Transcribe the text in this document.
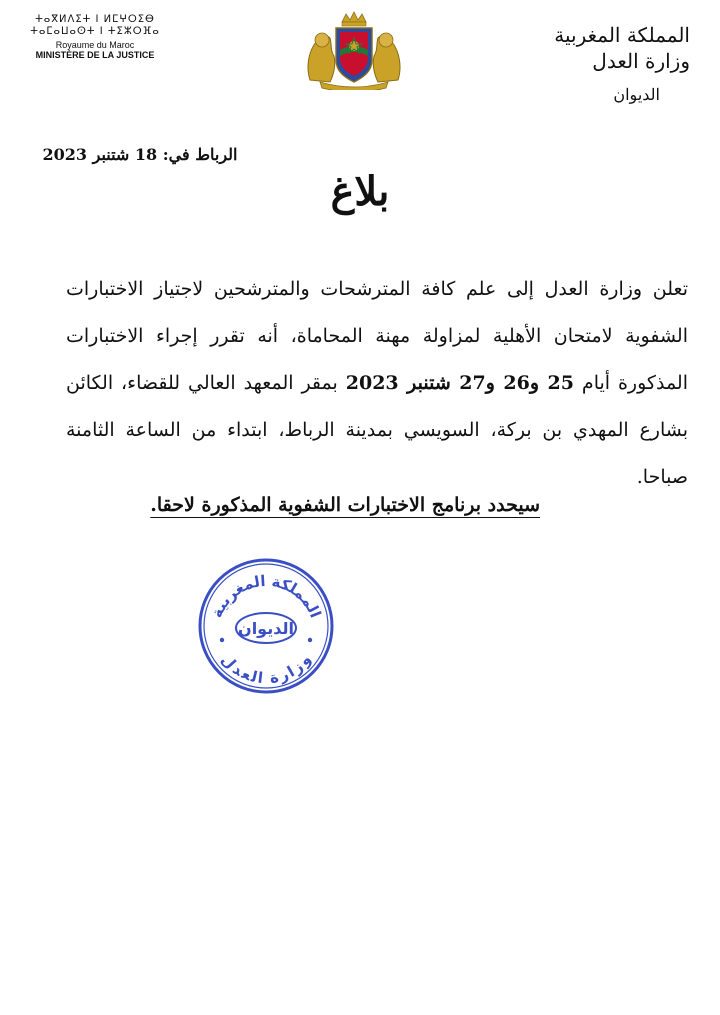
ⵜⴰⴳⵍⴷⵉⵜ ⵏ ⵍⵎⵖⵔⵉⴱ
ⵜⴰⵎⴰⵡⴰⵙⵜ ⵏ ⵜⵉⵣⵔⴼⴰ
Royaume du Maroc
MINISTÈRE DE LA JUSTICE
المملكة المغربية
وزارة العدل
الديوان
الرباط في: 18 شتنبر 2023
بلاغ
تعلن وزارة العدل إلى علم كافة المترشحات والمترشحين لاجتياز الاختبارات الشفوية لامتحان الأهلية لمزاولة مهنة المحاماة، أنه تقرر إجراء الاختبارات المذكورة أيام 25 و26 و27 شتنبر 2023 بمقر المعهد العالي للقضاء، الكائن بشارع المهدي بن بركة، السويسي بمدينة الرباط، ابتداء من الساعة الثامنة صباحا.
سيحدد برنامج الاختبارات الشفوية المذكورة لاحقا.
المملكة المغربية
الديوان
وزارة العدل
